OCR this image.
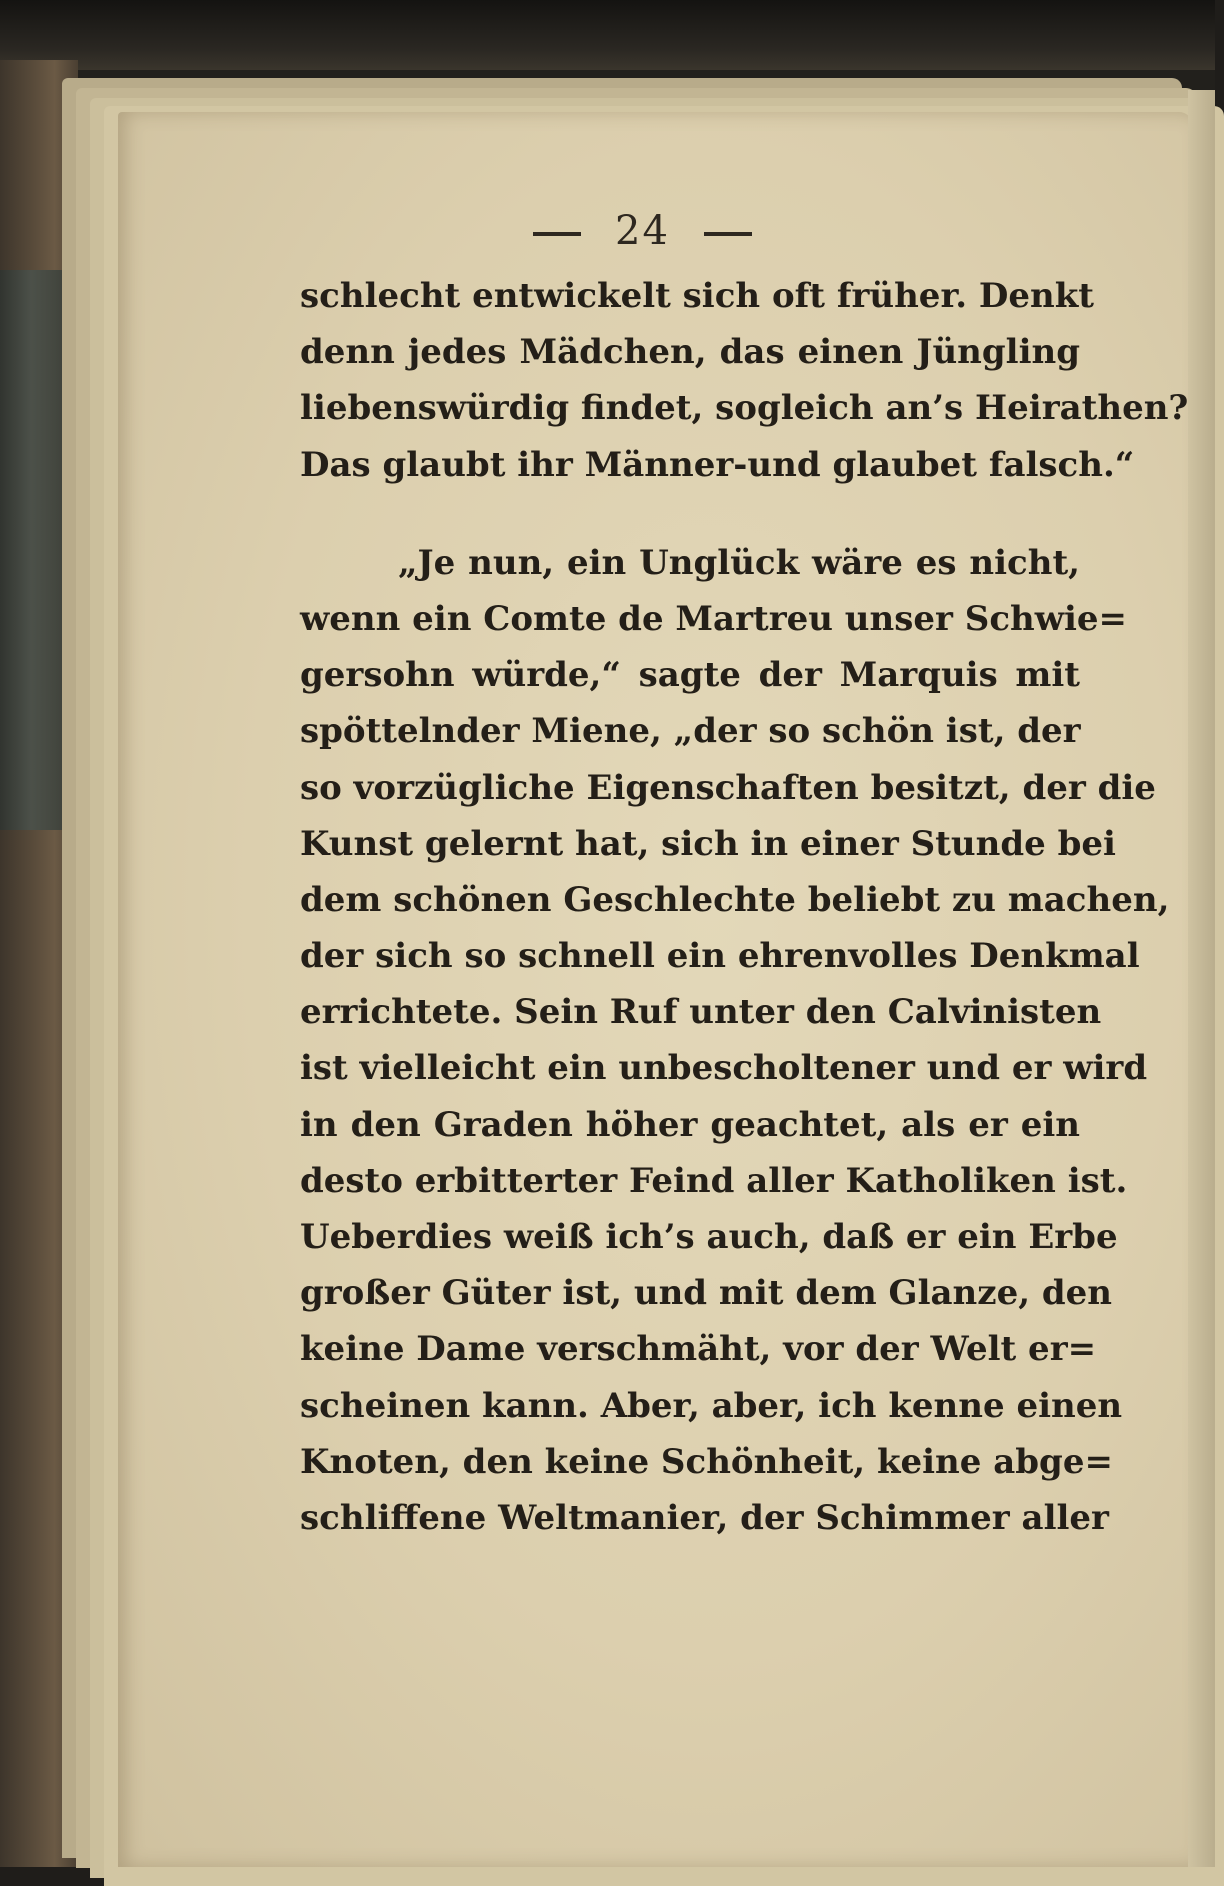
24
schlecht entwickelt sich oft früher. Denkt
denn jedes Mädchen, das einen Jüngling
liebenswürdig findet, sogleich an’s Heirathen?
Das glaubt ihr Männer-und glaubet falsch.“
„Je nun, ein Unglück wäre es nicht,
wenn ein Comte de Martreu unser Schwie=
gersohn würde,“ sagte der Marquis mit
spöttelnder Miene, „der so schön ist, der
so vorzügliche Eigenschaften besitzt, der die
Kunst gelernt hat, sich in einer Stunde bei
dem schönen Geschlechte beliebt zu machen,
der sich so schnell ein ehrenvolles Denkmal
errichtete. Sein Ruf unter den Calvinisten
ist vielleicht ein unbescholtener und er wird
in den Graden höher geachtet, als er ein
desto erbitterter Feind aller Katholiken ist.
Ueberdies weiß ich’s auch, daß er ein Erbe
großer Güter ist, und mit dem Glanze, den
keine Dame verschmäht, vor der Welt er=
scheinen kann. Aber, aber, ich kenne einen
Knoten, den keine Schönheit, keine abge=
schliffene Weltmanier, der Schimmer aller
